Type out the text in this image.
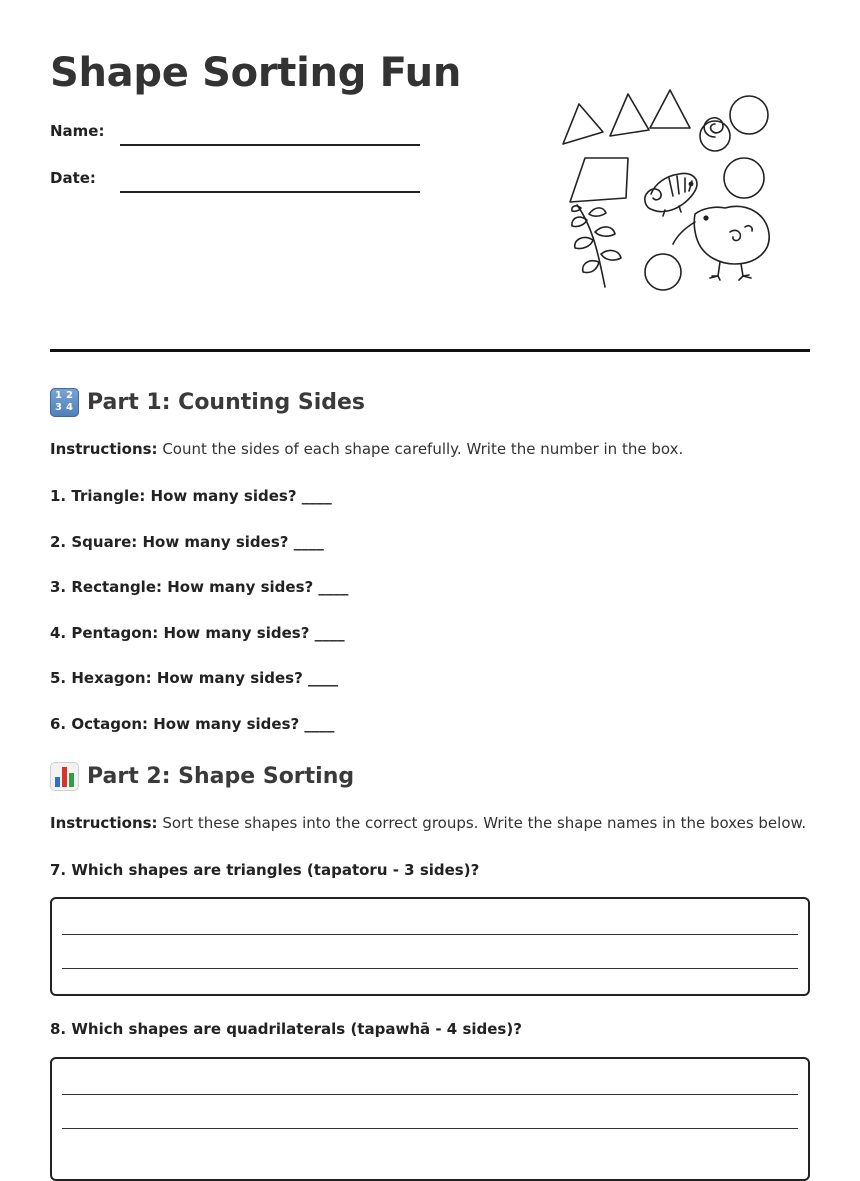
Shape Sorting Fun
Name:
Date:
1 2
3 4 Part 1: Counting Sides

Instructions: Count the sides of each shape carefully. Write the number in the box.

1. Triangle: How many sides? ____

2. Square: How many sides? ____

3. Rectangle: How many sides? ____

4. Pentagon: How many sides? ____

5. Hexagon: How many sides? ____

6. Octagon: How many sides? ____

Part 2: Shape Sorting

Instructions: Sort these shapes into the correct groups. Write the shape names in the boxes below.

7. Which shapes are triangles (tapatoru - 3 sides)?

8. Which shapes are quadrilaterals (tapawhā - 4 sides)?
